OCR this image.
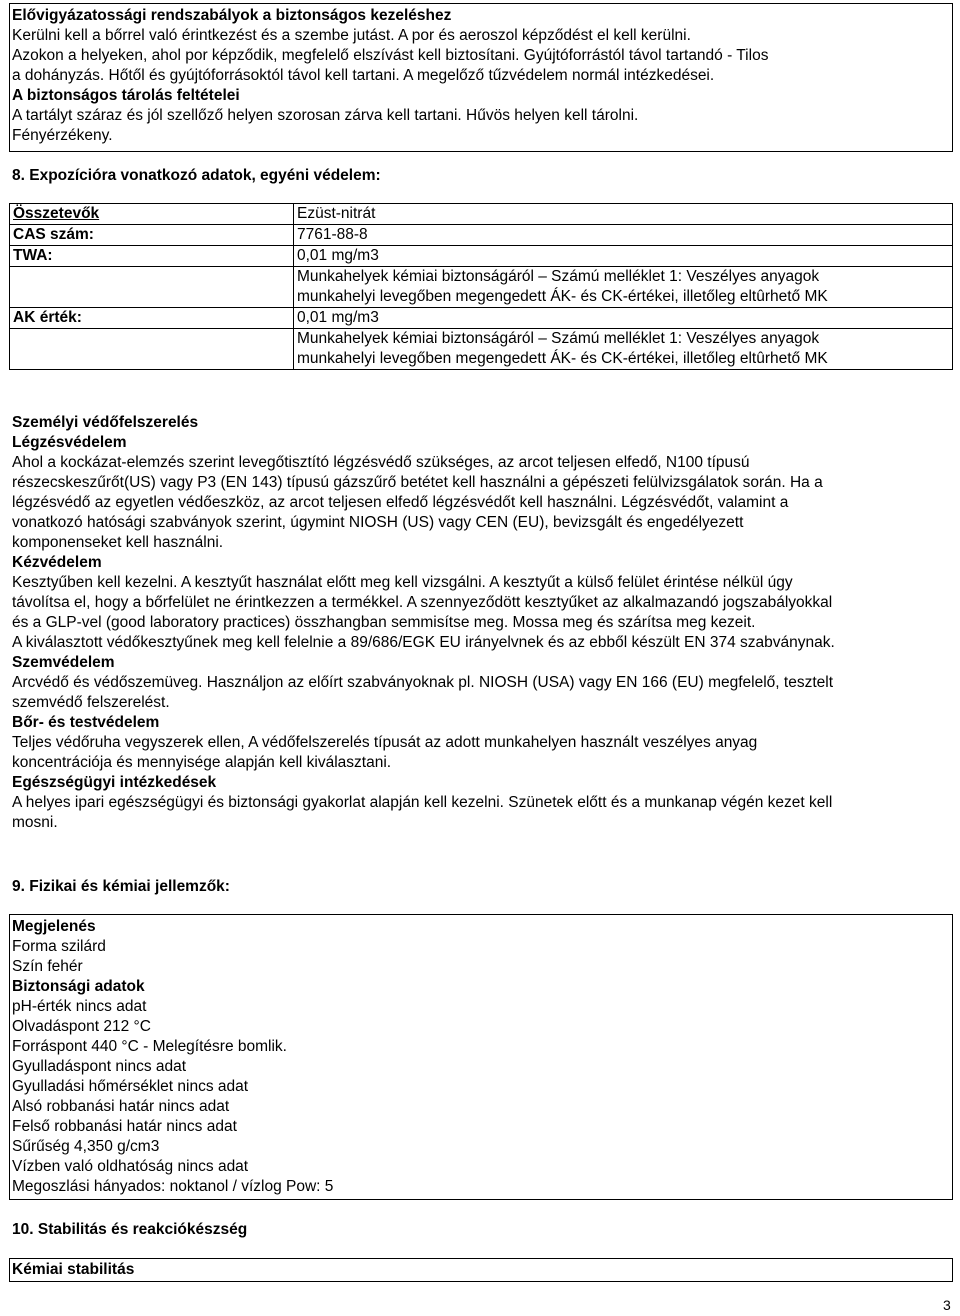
Elővigyázatossági rendszabályok a biztonságos kezeléshez
Kerülni kell a bőrrel való érintkezést és a szembe jutást. A por és aeroszol képződést el kell kerülni.
Azokon a helyeken, ahol por képződik, megfelelő elszívást kell biztosítani. Gyújtóforrástól távol tartandó - Tilos
a dohányzás. Hőtől és gyújtóforrásoktól távol kell tartani. A megelőző tűzvédelem normál intézkedései.
A biztonságos tárolás feltételei
A tartályt száraz és jól szellőző helyen szorosan zárva kell tartani. Hűvös helyen kell tárolni.
Fényérzékeny.
8. Expozícióra vonatkozó adatok, egyéni védelem:
Összetevők	Ezüst-nitrát
CAS szám:	7761-88-8
TWA:	0,01 mg/m3

	Munkahelyek kémiai biztonságáról – Számú melléklet 1: Veszélyes anyagok
munkahelyi levegőben megengedett ÁK- és CK-értékei, illetőleg eltûrhető MK

AK érték:	0,01 mg/m3

	Munkahelyek kémiai biztonságáról – Számú melléklet 1: Veszélyes anyagok
munkahelyi levegőben megengedett ÁK- és CK-értékei, illetőleg eltûrhető MK
Személyi védőfelszerelés
Légzésvédelem
Ahol a kockázat-elemzés szerint levegőtisztító légzésvédő szükséges, az arcot teljesen elfedő, N100 típusú
részecskeszűrőt(US) vagy P3 (EN 143) típusú gázszűrő betétet kell használni a gépészeti felülvizsgálatok során. Ha a
légzésvédő az egyetlen védőeszköz, az arcot teljesen elfedő légzésvédőt kell használni. Légzésvédőt, valamint a
vonatkozó hatósági szabványok szerint, úgymint NIOSH (US) vagy CEN (EU), bevizsgált és engedélyezett
komponenseket kell használni.
Kézvédelem
Kesztyűben kell kezelni. A kesztyűt használat előtt meg kell vizsgálni. A kesztyűt a külső felület érintése nélkül úgy
távolítsa el, hogy a bőrfelület ne érintkezzen a termékkel. A szennyeződött kesztyűket az alkalmazandó jogszabályokkal
és a GLP-vel (good laboratory practices) összhangban semmisítse meg. Mossa meg és szárítsa meg kezeit.
A kiválasztott védőkesztyűnek meg kell felelnie a 89/686/EGK EU irányelvnek és az ebből készült EN 374 szabványnak.
Szemvédelem
Arcvédő és védőszemüveg. Használjon az előírt szabványoknak pl. NIOSH (USA) vagy EN 166 (EU) megfelelő, tesztelt
szemvédő felszerelést.
Bőr- és testvédelem
Teljes védőruha vegyszerek ellen, A védőfelszerelés típusát az adott munkahelyen használt veszélyes anyag
koncentrációja és mennyisége alapján kell kiválasztani.
Egészségügyi intézkedések
A helyes ipari egészségügyi és biztonsági gyakorlat alapján kell kezelni. Szünetek előtt és a munkanap végén kezet kell
mosni.
9. Fizikai és kémiai jellemzők:
Megjelenés
Forma szilárd
Szín fehér
Biztonsági adatok
pH-érték nincs adat
Olvadáspont 212 °C
Forráspont 440 °C - Melegítésre bomlik.
Gyulladáspont nincs adat
Gyulladási hőmérséklet nincs adat
Alsó robbanási határ nincs adat
Felső robbanási határ nincs adat
Sűrűség 4,350 g/cm3
Vízben való oldhatóság nincs adat
Megoszlási hányados: noktanol / vízlog Pow: 5
10. Stabilitás és reakciókészség
Kémiai stabilitás
3
